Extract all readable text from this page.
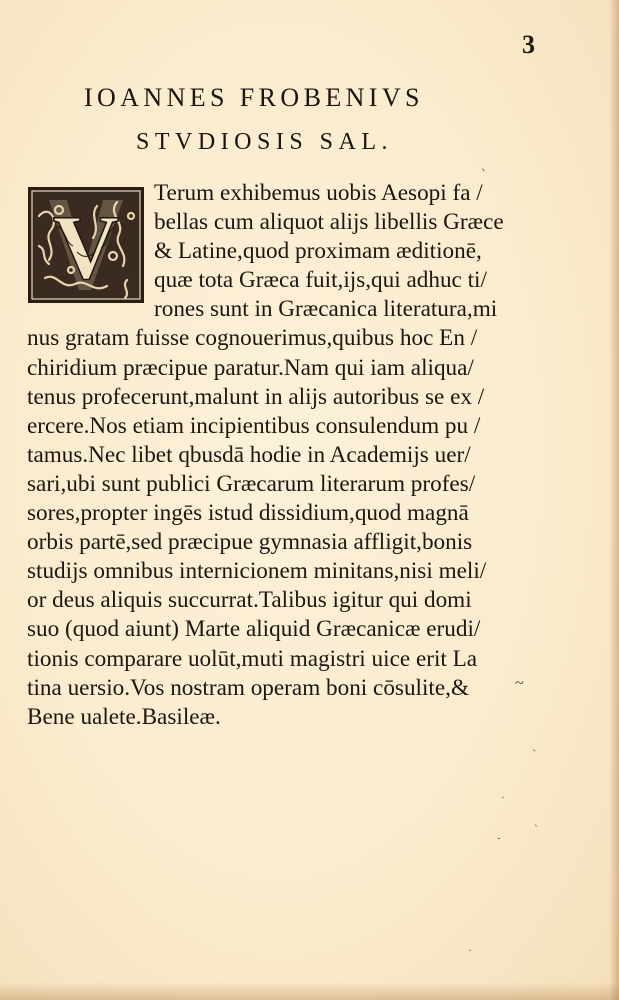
3
IOANNES FROBENIVS
STVDIOSIS SAL.
V
Terum exhibemus uobis Aesopi fa /
bellas cum aliquot alijs libellis Græce
& Latine,quod proximam æditionē,
quæ tota Græca fuit,ijs,qui adhuc ti/
rones sunt in Græcanica literatura,mi
nus gratam fuisse cognouerimus,quibus hoc En /
chiridium præcipue paratur.Nam qui iam aliqua/
tenus profecerunt,malunt in alijs autoribus se ex /
ercere.Nos etiam incipientibus consulendum pu /
tamus.Nec libet qbusdā hodie in Academijs uer/
sari,ubi sunt publici Græcarum literarum profes/
sores,propter ingēs istud dissidium,quod magnā
orbis partē,sed præcipue gymnasia affligit,bonis
studijs omnibus internicionem minitans,nisi meli/
or deus aliquis succurrat.Talibus igitur qui domi
suo (quod aiunt) Marte aliquid Græcanicæ erudi/
tionis comparare uolūt,muti magistri uice erit La
tina uersio.Vos nostram operam boni cōsulite,&
Bene ualete.Basileæ.
ˎ
~
ˏ
·
ˏ
‑
·
